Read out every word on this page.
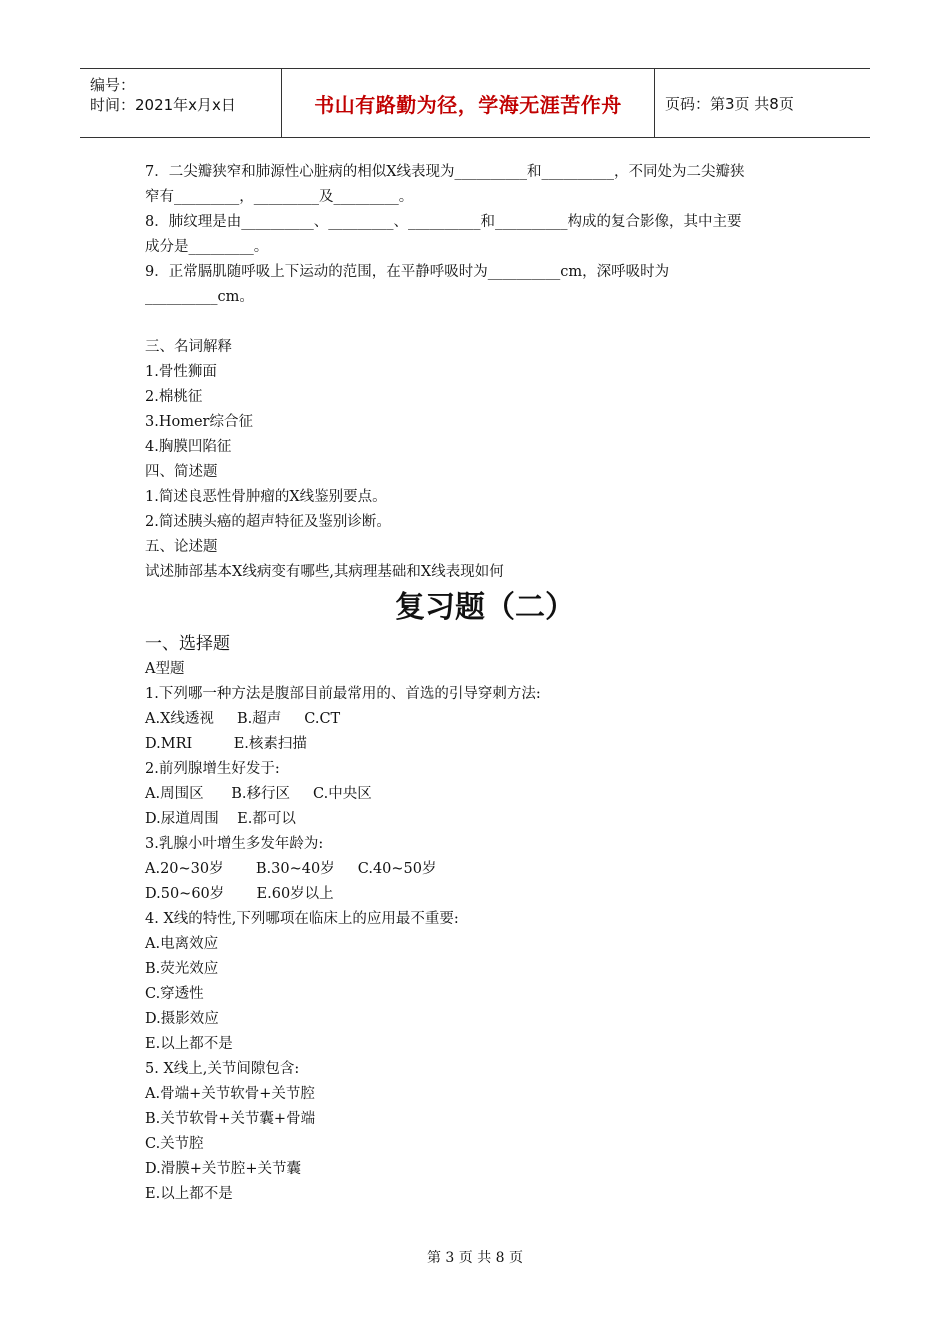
编号：
时间：2021年x月x日	书山有路勤为径，学海无涯苦作舟	页码：第3页 共8页
7．二尖瓣狭窄和肺源性心脏病的相似X线表现为__________和__________，不同处为二尖瓣狭
窄有_________，_________及_________。
8．肺纹理是由__________、_________、__________和__________构成的复合影像，其中主要
成分是_________。
9．正常膈肌随呼吸上下运动的范围，在平静呼吸时为__________cm，深呼吸时为
__________cm。
三、名词解释
1.骨性狮面
2.棉桃征
3.Homer综合征
4.胸膜凹陷征
四、简述题
1.简述良恶性骨肿瘤的X线鉴别要点。
2.简述胰头癌的超声特征及鉴别诊断。
五、论述题
试述肺部基本X线病变有哪些,其病理基础和X线表现如何
复习题（二）
一、选择题
A型题
1.下列哪一种方法是腹部目前最常用的、首选的引导穿刺方法:
A.X线透视     B.超声     C.CT
D.MRI         E.核素扫描
2.前列腺增生好发于:
A.周围区      B.移行区     C.中央区
D.尿道周围    E.都可以
3.乳腺小叶增生多发年龄为:
A.20~30岁       B.30~40岁     C.40~50岁
D.50~60岁       E.60岁以上
4. X线的特性,下列哪项在临床上的应用最不重要:
A.电离效应
B.荧光效应
C.穿透性
D.摄影效应
E.以上都不是
5. X线上,关节间隙包含:
A.骨端+关节软骨+关节腔
B.关节软骨+关节囊+骨端
C.关节腔
D.滑膜+关节腔+关节囊
E.以上都不是
第 3 页 共 8 页
